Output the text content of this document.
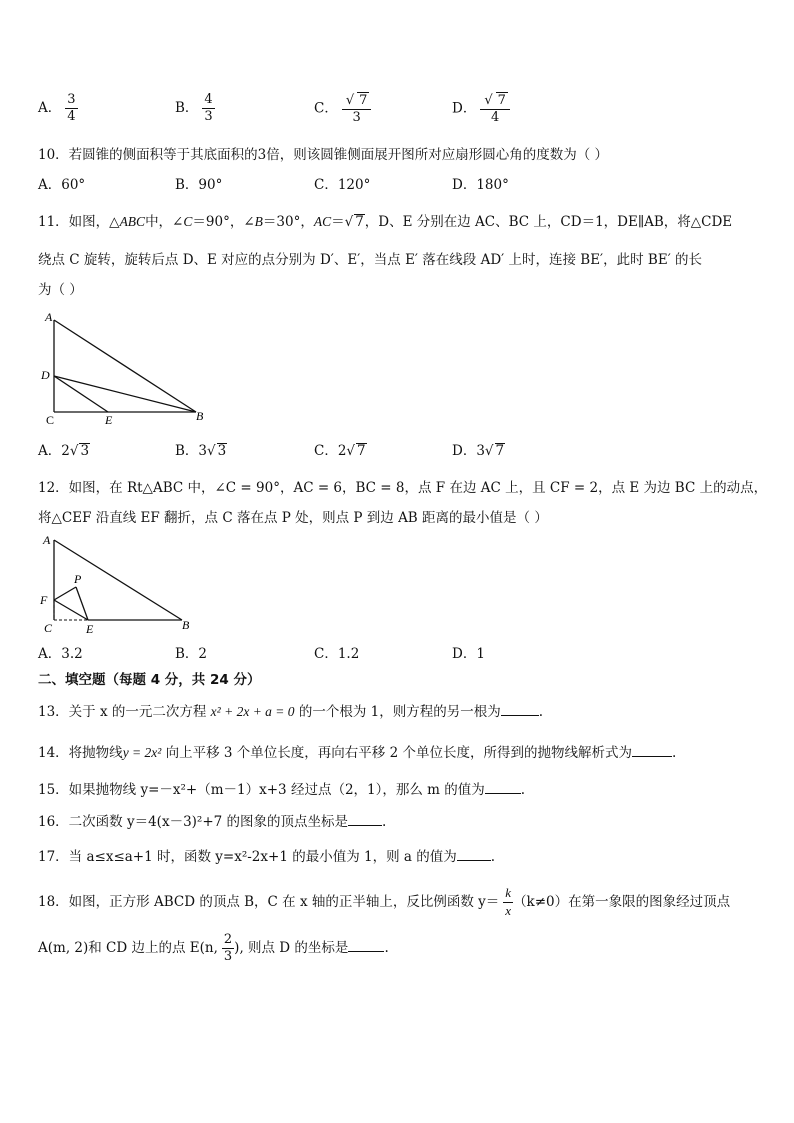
A． $\frac{3}{4}$	B． $\frac{4}{3}$	C． $\frac{√ 7}{3}$	D． $\frac{√ 7}{4}$
10．若圆锥的侧面积等于其底面积的3倍，则该圆锥侧面展开图所对应扇形圆心角的度数为（ ）
A．60°	B．90°	C．120°	D．180°
11．如图，△ABC中，∠C＝90°，∠B＝30°，AC＝√ 7，D、E 分别在边 AC、BC 上，CD＝1，DE∥AB，将△CDE
绕点 C 旋转，旋转后点 D、E 对应的点分别为 D′、E′，当点 E′ 落在线段 AD′ 上时，连接 BE′，此时 BE′ 的长
为（ ）
A
D
C	E	B
A．2√ 3	B．3√ 3	C．2√ 7	D．3√ 7
12．如图，在 Rt△ABC 中，∠C = 90°，AC = 6，BC = 8，点 F 在边 AC 上，且 CF = 2，点 E 为边 BC 上的动点，
将△CEF 沿直线 EF 翻折，点 C 落在点 P 处，则点 P 到边 AB 距离的最小值是（ ）
A
P
F
C	E	B
A．3.2	B．2	C．1.2	D．1
二、填空题（每题 4 分，共 24 分）
13．关于 x 的一元二次方程 x² + 2x + a = 0 的一个根为 1，则方程的另一根为	.
14．将抛物线y = 2x² 向上平移 3 个单位长度，再向右平移 2 个单位长度，所得到的抛物线解析式为	.
15．如果抛物线 y=－x²+（m－1）x+3 经过点（2，1），那么 m 的值为	.
16．二次函数 y＝4(x－3)²+7 的图象的顶点坐标是	.
17．当 a≤x≤a+1 时，函数 y=x²-2x+1 的最小值为 1，则 a 的值为	.
18．如图，正方形 ABCD 的顶点 B，C 在 x 轴的正半轴上，反比例函数 $y= \frac{k}{x} (k\ne 0)$在第一象限的图象经过顶点
A(m, 2)和 CD 边上的点 E(n, $\frac{2}{3}$ ), 则点 D 的坐标是	.
